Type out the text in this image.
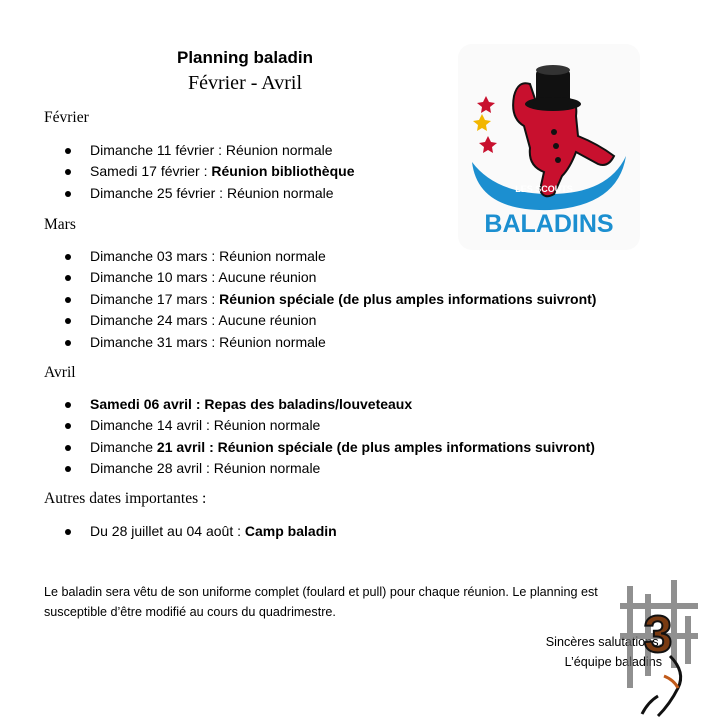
Planning baladin
Février - Avril
LES SCOUTS
BALADINS
Février
Dimanche 11 février : Réunion normale
Samedi 17 février : Réunion bibliothèque
Dimanche 25 février : Réunion normale
Mars
Dimanche 03 mars : Réunion normale
Dimanche 10 mars : Aucune réunion
Dimanche 17 mars : Réunion spéciale (de plus amples informations suivront)
Dimanche 24 mars : Aucune réunion
Dimanche 31 mars : Réunion normale
Avril
Samedi 06 avril : Repas des baladins/louveteaux
Dimanche 14 avril : Réunion normale
Dimanche 21 avril : Réunion spéciale (de plus amples informations suivront)
Dimanche 28 avril : Réunion normale
Autres dates importantes :
Du 28 juillet au 04 août : Camp baladin
Le baladin sera vêtu de son uniforme complet (foulard et pull) pour chaque réunion. Le planning est
susceptible d’être modifié au cours du quadrimestre.
Sincères salutations,
L’équipe baladins
3
